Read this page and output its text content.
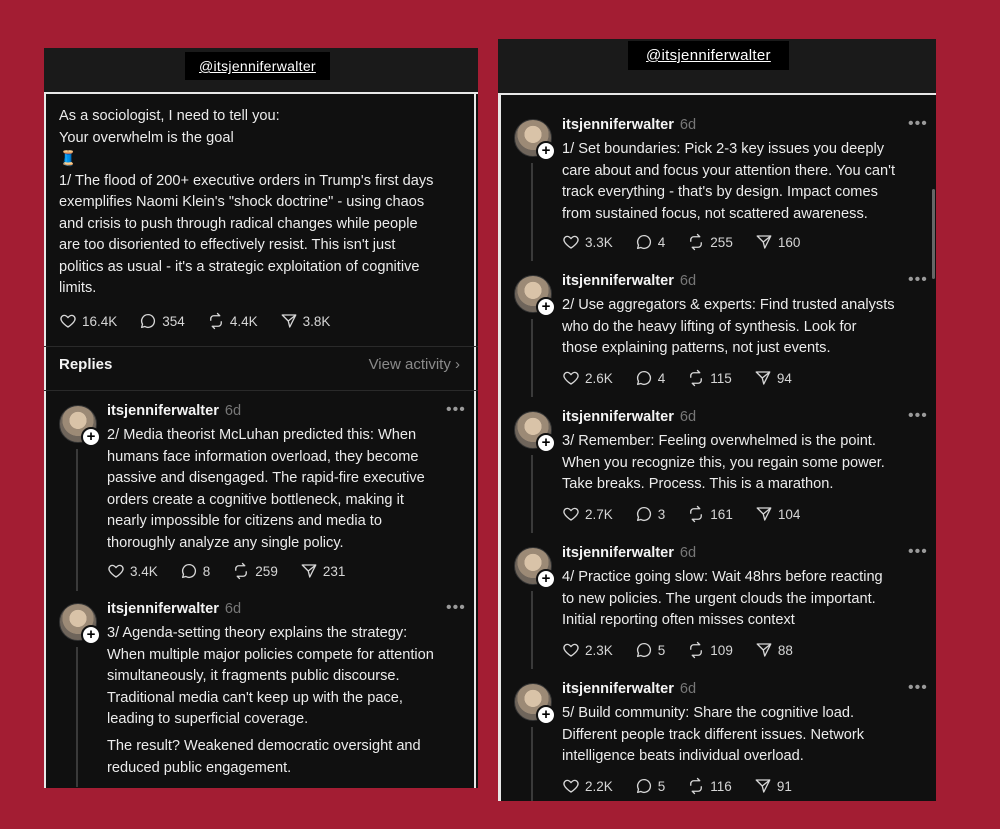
@itsjenniferwalter
As a sociologist, I need to tell you:
Your overwhelm is the goal
🧵
1/ The flood of 200+ executive orders in Trump's first days
exemplifies Naomi Klein's "shock doctrine" - using chaos
and crisis to push through radical changes while people
are too disoriented to effectively resist. This isn't just
politics as usual - it's a strategic exploitation of cognitive
limits.
16.4K	354	4.4K	3.8K
Replies	View activity ›
+
itsjenniferwalter 6d	•••
2/ Media theorist McLuhan predicted this: When
humans face information overload, they become
passive and disengaged. The rapid-fire executive
orders create a cognitive bottleneck, making it
nearly impossible for citizens and media to
thoroughly analyze any single policy.
3.4K	8	259	231
+
itsjenniferwalter 6d	•••
3/ Agenda-setting theory explains the strategy:
When multiple major policies compete for attention
simultaneously, it fragments public discourse.
Traditional media can't keep up with the pace,
leading to superficial coverage.
The result? Weakened democratic oversight and
reduced public engagement.
@itsjenniferwalter
+
itsjenniferwalter 6d	•••
1/ Set boundaries: Pick 2-3 key issues you deeply
care about and focus your attention there. You can't
track everything - that's by design. Impact comes
from sustained focus, not scattered awareness.
3.3K	4	255	160
+
itsjenniferwalter 6d	•••
2/ Use aggregators & experts: Find trusted analysts
who do the heavy lifting of synthesis. Look for
those explaining patterns, not just events.
2.6K	4	115	94
+
itsjenniferwalter 6d	•••
3/ Remember: Feeling overwhelmed is the point.
When you recognize this, you regain some power.
Take breaks. Process. This is a marathon.
2.7K	3	161	104
+
itsjenniferwalter 6d	•••
4/ Practice going slow: Wait 48hrs before reacting
to new policies. The urgent clouds the important.
Initial reporting often misses context
2.3K	5	109	88
+
itsjenniferwalter 6d	•••
5/ Build community: Share the cognitive load.
Different people track different issues. Network
intelligence beats individual overload.
2.2K	5	116	91
